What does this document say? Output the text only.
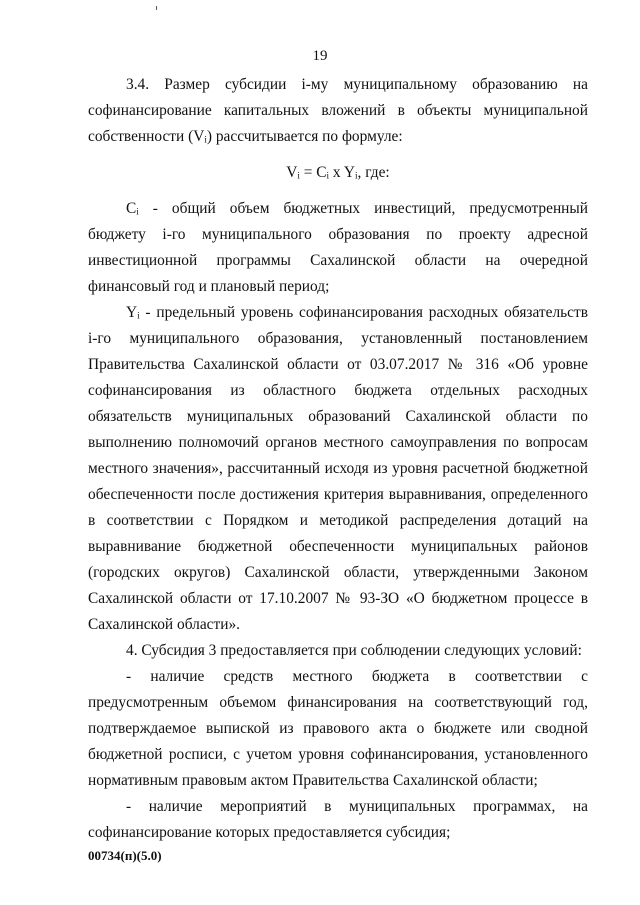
19

3.4. Размер субсидии i-му муниципальному образованию на софинансирование капитальных вложений в объекты муниципальной собственности (Vᵢ) рассчитывается по формуле:

Vᵢ = Cᵢ x Yᵢ, где:

Cᵢ - общий объем бюджетных инвестиций, предусмотренный бюджету i-го муниципального образования по проекту адресной инвестиционной программы Сахалинской области на очередной финансовый год и плановый период;

Yᵢ - предельный уровень софинансирования расходных обязательств i-го муниципального образования, установленный постановлением Правительства Сахалинской области от 03.07.2017 № 316 «Об уровне софинансирования из областного бюджета отдельных расходных обязательств муниципальных образований Сахалинской области по выполнению полномочий органов местного самоуправления по вопросам местного значения», рассчитанный исходя из уровня расчетной бюджетной обеспеченности после достижения критерия выравнивания, определенного в соответствии с Порядком и методикой распределения дотаций на выравнивание бюджетной обеспеченности муниципальных районов (городских округов) Сахалинской области, утвержденными Законом Сахалинской области от 17.10.2007 № 93-ЗО «О бюджетном процессе в Сахалинской области».

4. Субсидия 3 предоставляется при соблюдении следующих условий:

- наличие средств местного бюджета в соответствии с предусмотренным объемом финансирования на соответствующий год, подтверждаемое выпиской из правового акта о бюджете или сводной бюджетной росписи, с учетом уровня софинансирования, установленного нормативным правовым актом Правительства Сахалинской области;

- наличие мероприятий в муниципальных программах, на софинансирование которых предоставляется субсидия;

00734(п)(5.0)
